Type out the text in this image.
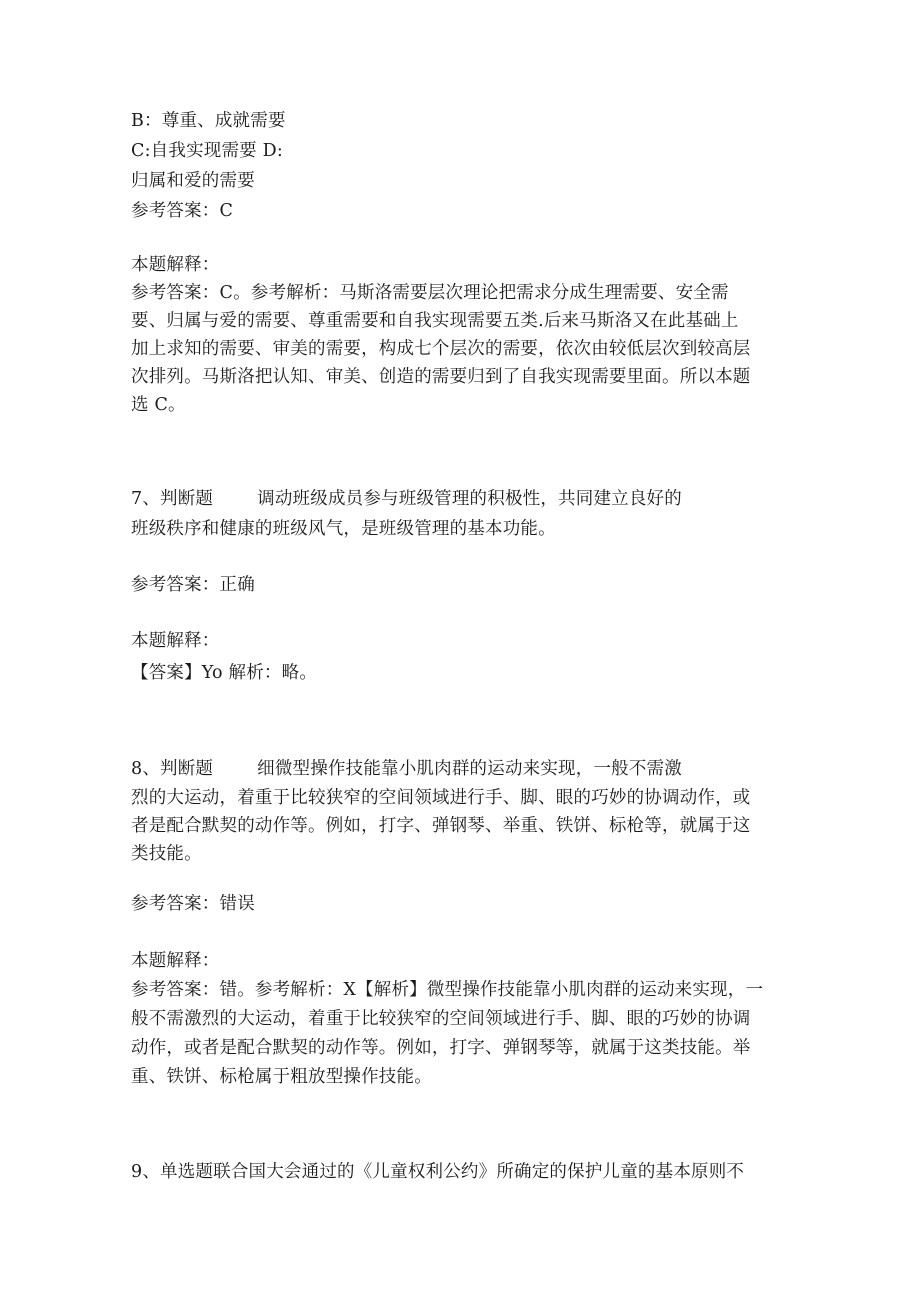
B：尊重、成就需要
C:自我实现需要 D:
归属和爱的需要
参考答案：C
本题解释：
参考答案：C。参考解析：马斯洛需要层次理论把需求分成生理需要、安全需
要、归属与爱的需要、尊重需要和自我实现需要五类.后来马斯洛又在此基础上
加上求知的需要、审美的需要，构成七个层次的需要，依次由较低层次到较高层
次排列。马斯洛把认知、审美、创造的需要归到了自我实现需要里面。所以本题
选 C。
7、判断题	调动班级成员参与班级管理的积极性，共同建立良好的
班级秩序和健康的班级风气，是班级管理的基本功能。
参考答案：正确
本题解释：
【答案】Yo 解析：略。
8、判断题	细微型操作技能靠小肌肉群的运动来实现，一般不需激
烈的大运动，着重于比较狭窄的空间领域进行手、脚、眼的巧妙的协调动作，或
者是配合默契的动作等。例如，打字、弹钢琴、举重、铁饼、标枪等，就属于这
类技能。
参考答案：错误
本题解释：
参考答案：错。参考解析：X【解析】微型操作技能靠小肌肉群的运动来实现，一
般不需激烈的大运动，着重于比较狭窄的空间领域进行手、脚、眼的巧妙的协调
动作，或者是配合默契的动作等。例如，打字、弹钢琴等，就属于这类技能。举
重、铁饼、标枪属于粗放型操作技能。
9、单选题联合国大会通过的《儿童权利公约》所确定的保护儿童的基本原则不
